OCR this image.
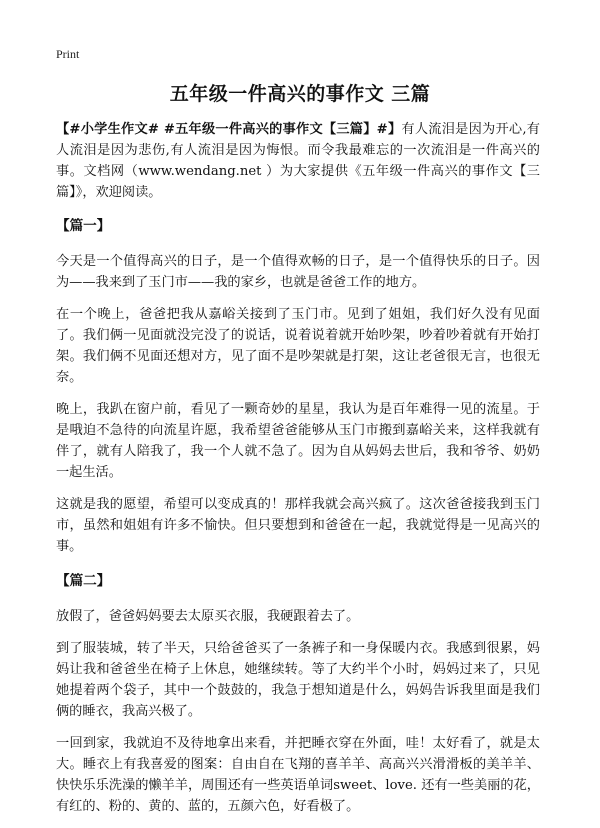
Print
五年级一件高兴的事作文 三篇

【#小学生作文# #五年级一件高兴的事作文【三篇】#】有人流泪是因为开心,有人流泪是因为悲伤,有人流泪是因为悔恨。而令我最难忘的一次流泪是一件高兴的事。文档网（www.wendang.net ）为大家提供《五年级一件高兴的事作文【三篇】》，欢迎阅读。

【篇一】

今天是一个值得高兴的日子，是一个值得欢畅的日子，是一个值得快乐的日子。因为——我来到了玉门市——我的家乡，也就是爸爸工作的地方。

在一个晚上，爸爸把我从嘉峪关接到了玉门市。见到了姐姐，我们好久没有见面了。我们俩一见面就没完没了的说话，说着说着就开始吵架，吵着吵着就有开始打架。我们俩不见面还想对方，见了面不是吵架就是打架，这让老爸很无言，也很无奈。

晚上，我趴在窗户前，看见了一颗奇妙的星星，我认为是百年难得一见的流星。于是哦迫不急待的向流星许愿，我希望爸爸能够从玉门市搬到嘉峪关来，这样我就有伴了，就有人陪我了，我一个人就不急了。因为自从妈妈去世后，我和爷爷、奶奶一起生活。

这就是我的愿望，希望可以变成真的！那样我就会高兴疯了。这次爸爸接我到玉门市，虽然和姐姐有许多不愉快。但只要想到和爸爸在一起，我就觉得是一见高兴的事。

【篇二】

放假了，爸爸妈妈要去太原买衣服，我硬跟着去了。

到了服装城，转了半天，只给爸爸买了一条裤子和一身保暖内衣。我感到很累，妈妈让我和爸爸坐在椅子上休息，她继续转。等了大约半个小时，妈妈过来了，只见她提着两个袋子，其中一个鼓鼓的，我急于想知道是什么，妈妈告诉我里面是我们俩的睡衣，我高兴极了。

一回到家，我就迫不及待地拿出来看，并把睡衣穿在外面，哇！太好看了，就是太大。睡衣上有我喜爱的图案：自由自在飞翔的喜羊羊、高高兴兴滑滑板的美羊羊、快快乐乐洗澡的懒羊羊，周围还有一些英语单词sweet、love. 还有一些美丽的花，有红的、粉的、黄的、蓝的，五颜六色，好看极了。
